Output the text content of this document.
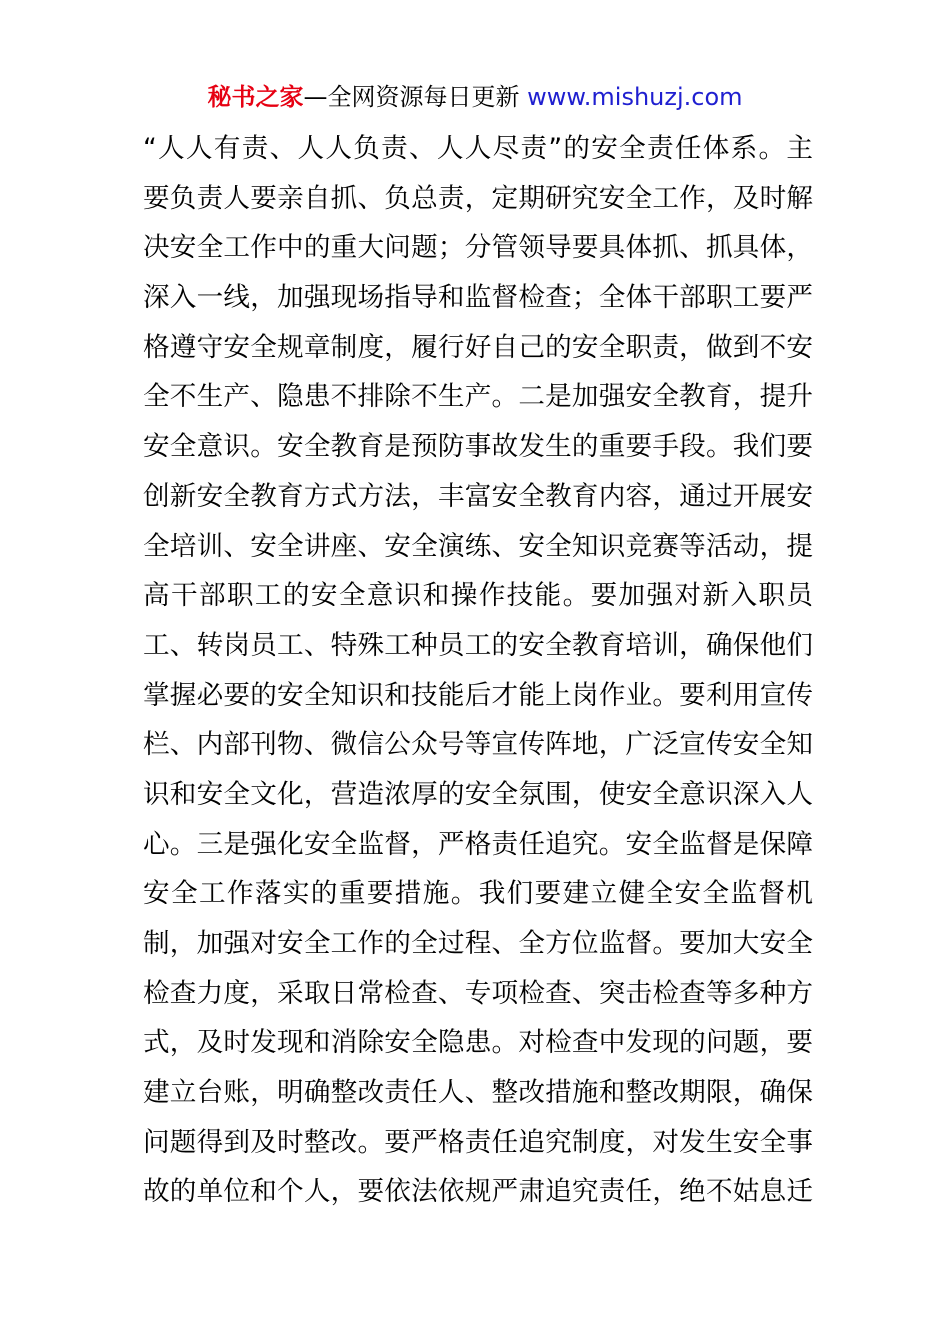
秘书之家—全网资源每日更新 www.mishuzj.com
“人人有责、人人负责、人人尽责”的安全责任体系。主
要负责人要亲自抓、负总责，定期研究安全工作，及时解
决安全工作中的重大问题；分管领导要具体抓、抓具体，
深入一线，加强现场指导和监督检查；全体干部职工要严
格遵守安全规章制度，履行好自己的安全职责，做到不安
全不生产、隐患不排除不生产。二是加强安全教育，提升
安全意识。安全教育是预防事故发生的重要手段。我们要
创新安全教育方式方法，丰富安全教育内容，通过开展安
全培训、安全讲座、安全演练、安全知识竞赛等活动，提
高干部职工的安全意识和操作技能。要加强对新入职员
工、转岗员工、特殊工种员工的安全教育培训，确保他们
掌握必要的安全知识和技能后才能上岗作业。要利用宣传
栏、内部刊物、微信公众号等宣传阵地，广泛宣传安全知
识和安全文化，营造浓厚的安全氛围，使安全意识深入人
心。三是强化安全监督，严格责任追究。安全监督是保障
安全工作落实的重要措施。我们要建立健全安全监督机
制，加强对安全工作的全过程、全方位监督。要加大安全
检查力度，采取日常检查、专项检查、突击检查等多种方
式，及时发现和消除安全隐患。对检查中发现的问题，要
建立台账，明确整改责任人、整改措施和整改期限，确保
问题得到及时整改。要严格责任追究制度，对发生安全事
故的单位和个人，要依法依规严肃追究责任，绝不姑息迁
